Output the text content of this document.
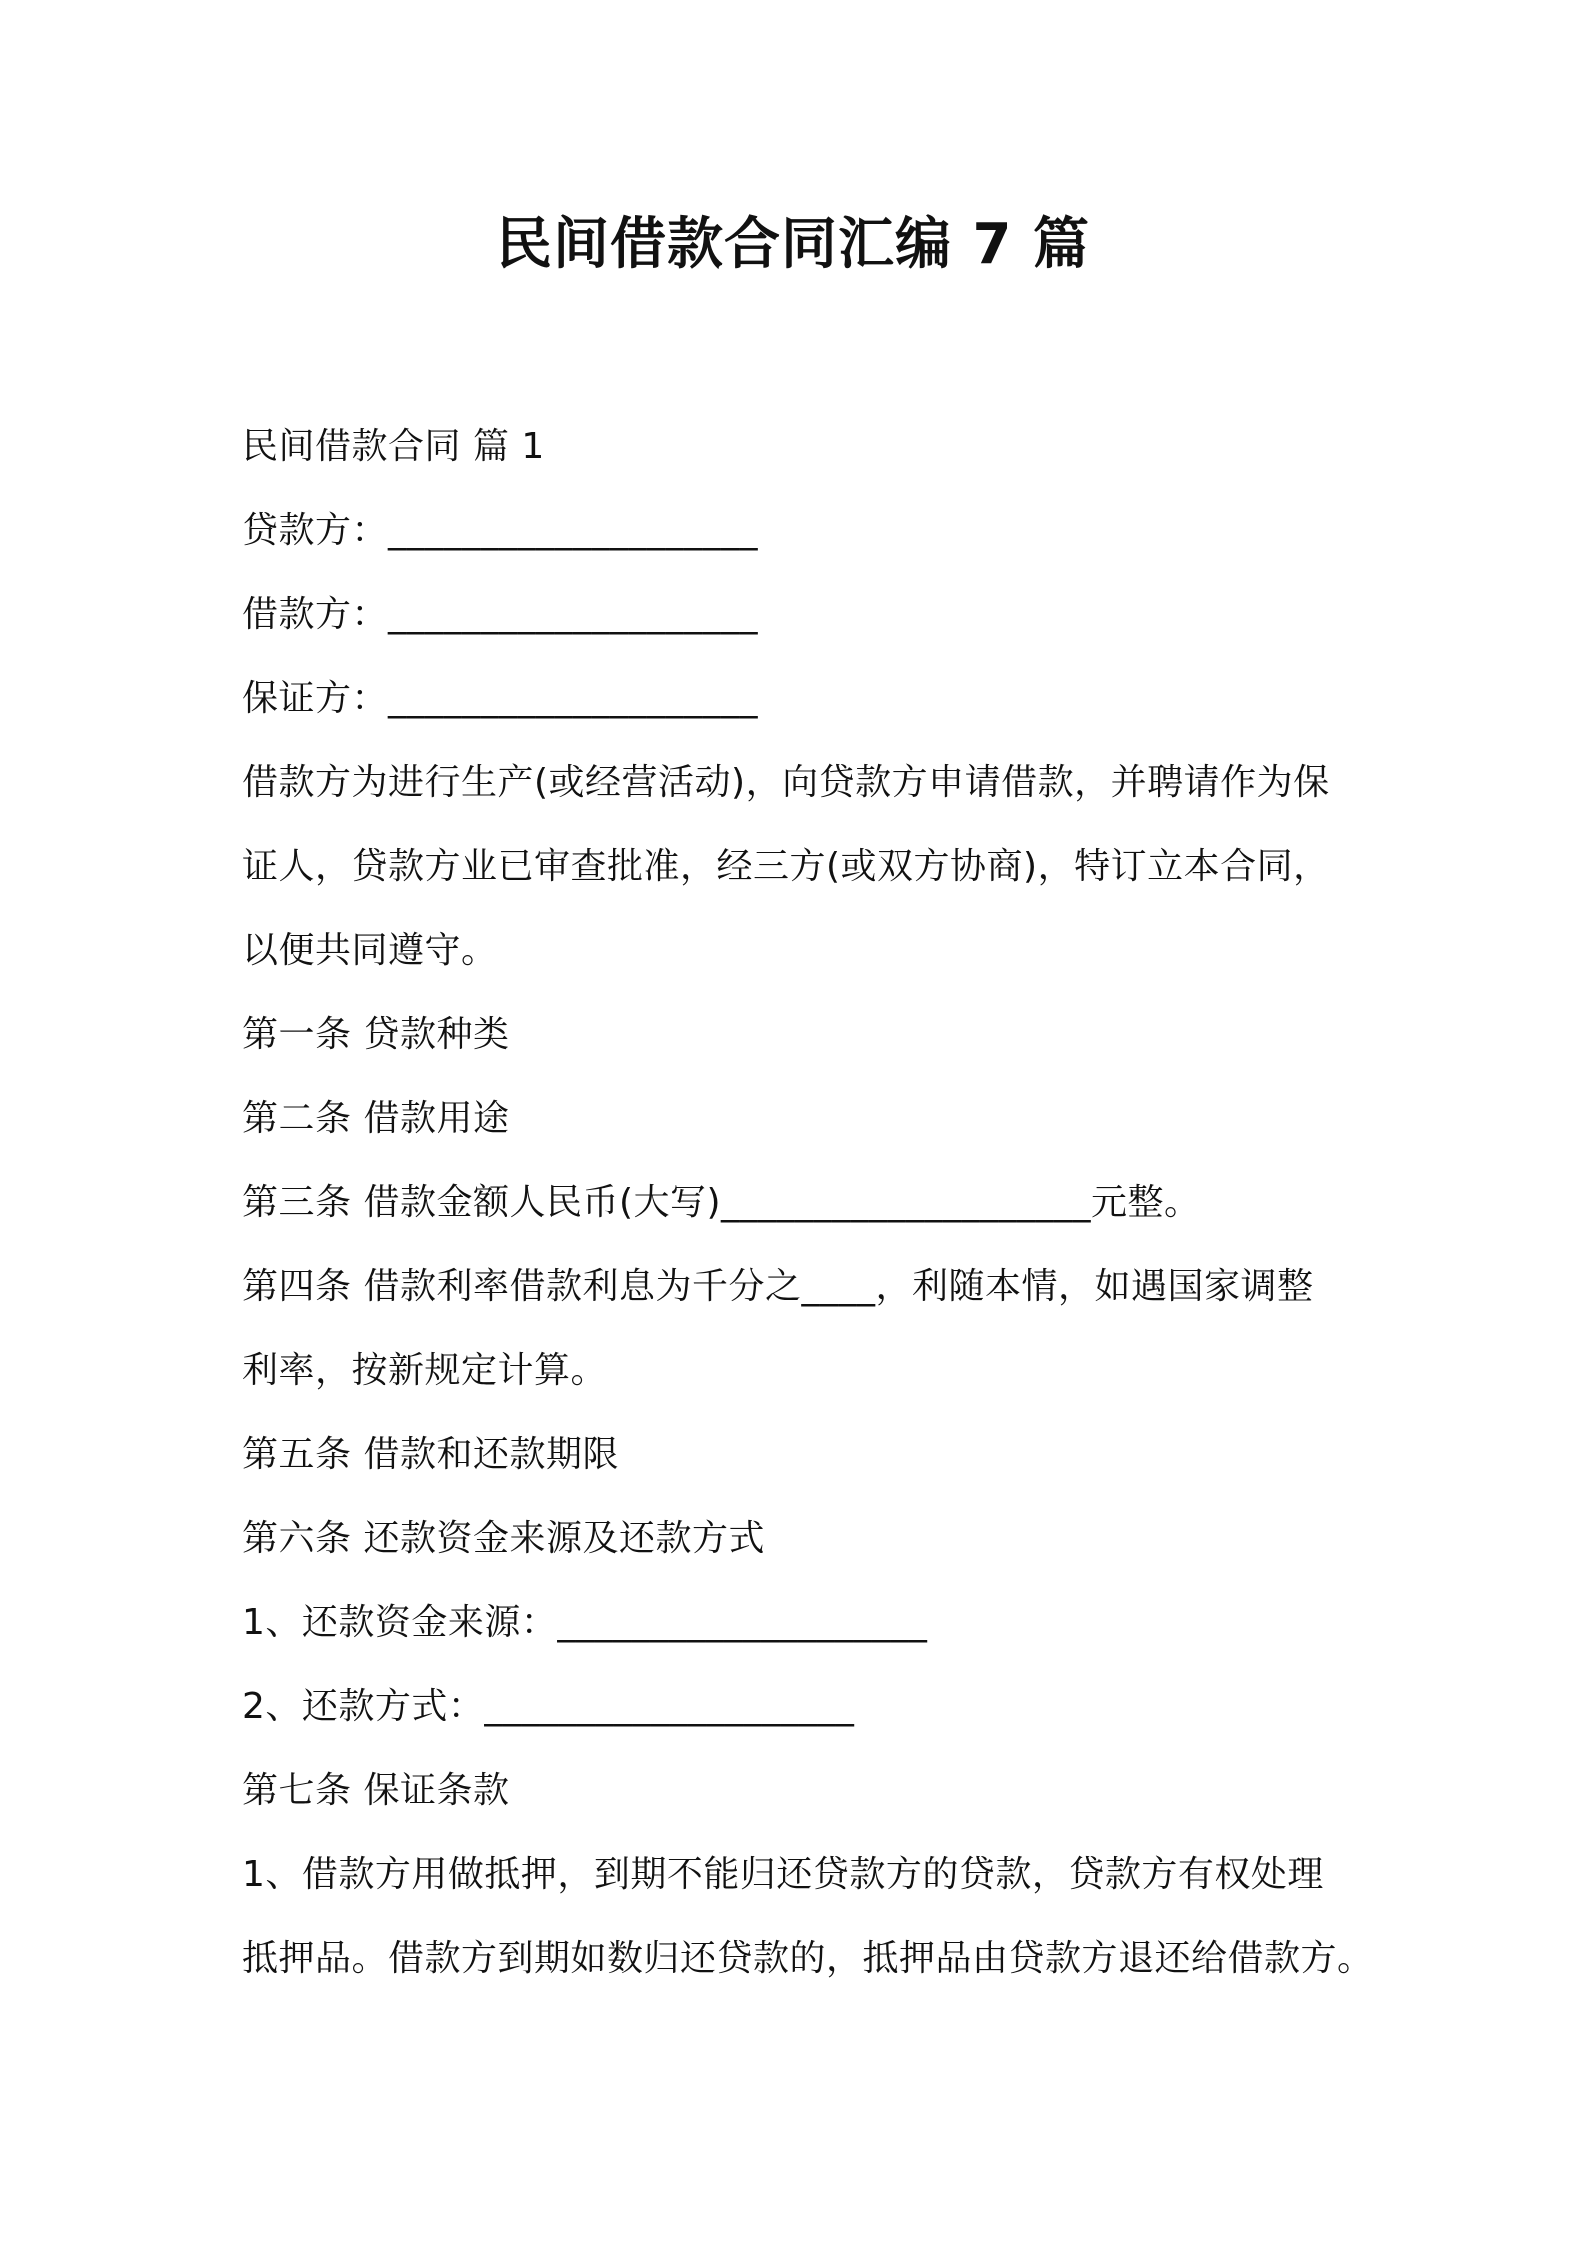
民间借款合同汇编 7 篇
民间借款合同 篇 1
贷款方：____________________
借款方：____________________
保证方：____________________
借款方为进行生产(或经营活动)，向贷款方申请借款，并聘请作为保
证人，贷款方业已审查批准，经三方(或双方协商)，特订立本合同，
以便共同遵守。
第一条 贷款种类
第二条 借款用途
第三条 借款金额人民币(大写)____________________元整。
第四条 借款利率借款利息为千分之____，利随本情，如遇国家调整
利率，按新规定计算。
第五条 借款和还款期限
第六条 还款资金来源及还款方式
1、还款资金来源：____________________
2、还款方式：____________________
第七条 保证条款
1、借款方用做抵押，到期不能归还贷款方的贷款，贷款方有权处理
抵押品。借款方到期如数归还贷款的，抵押品由贷款方退还给借款方。
